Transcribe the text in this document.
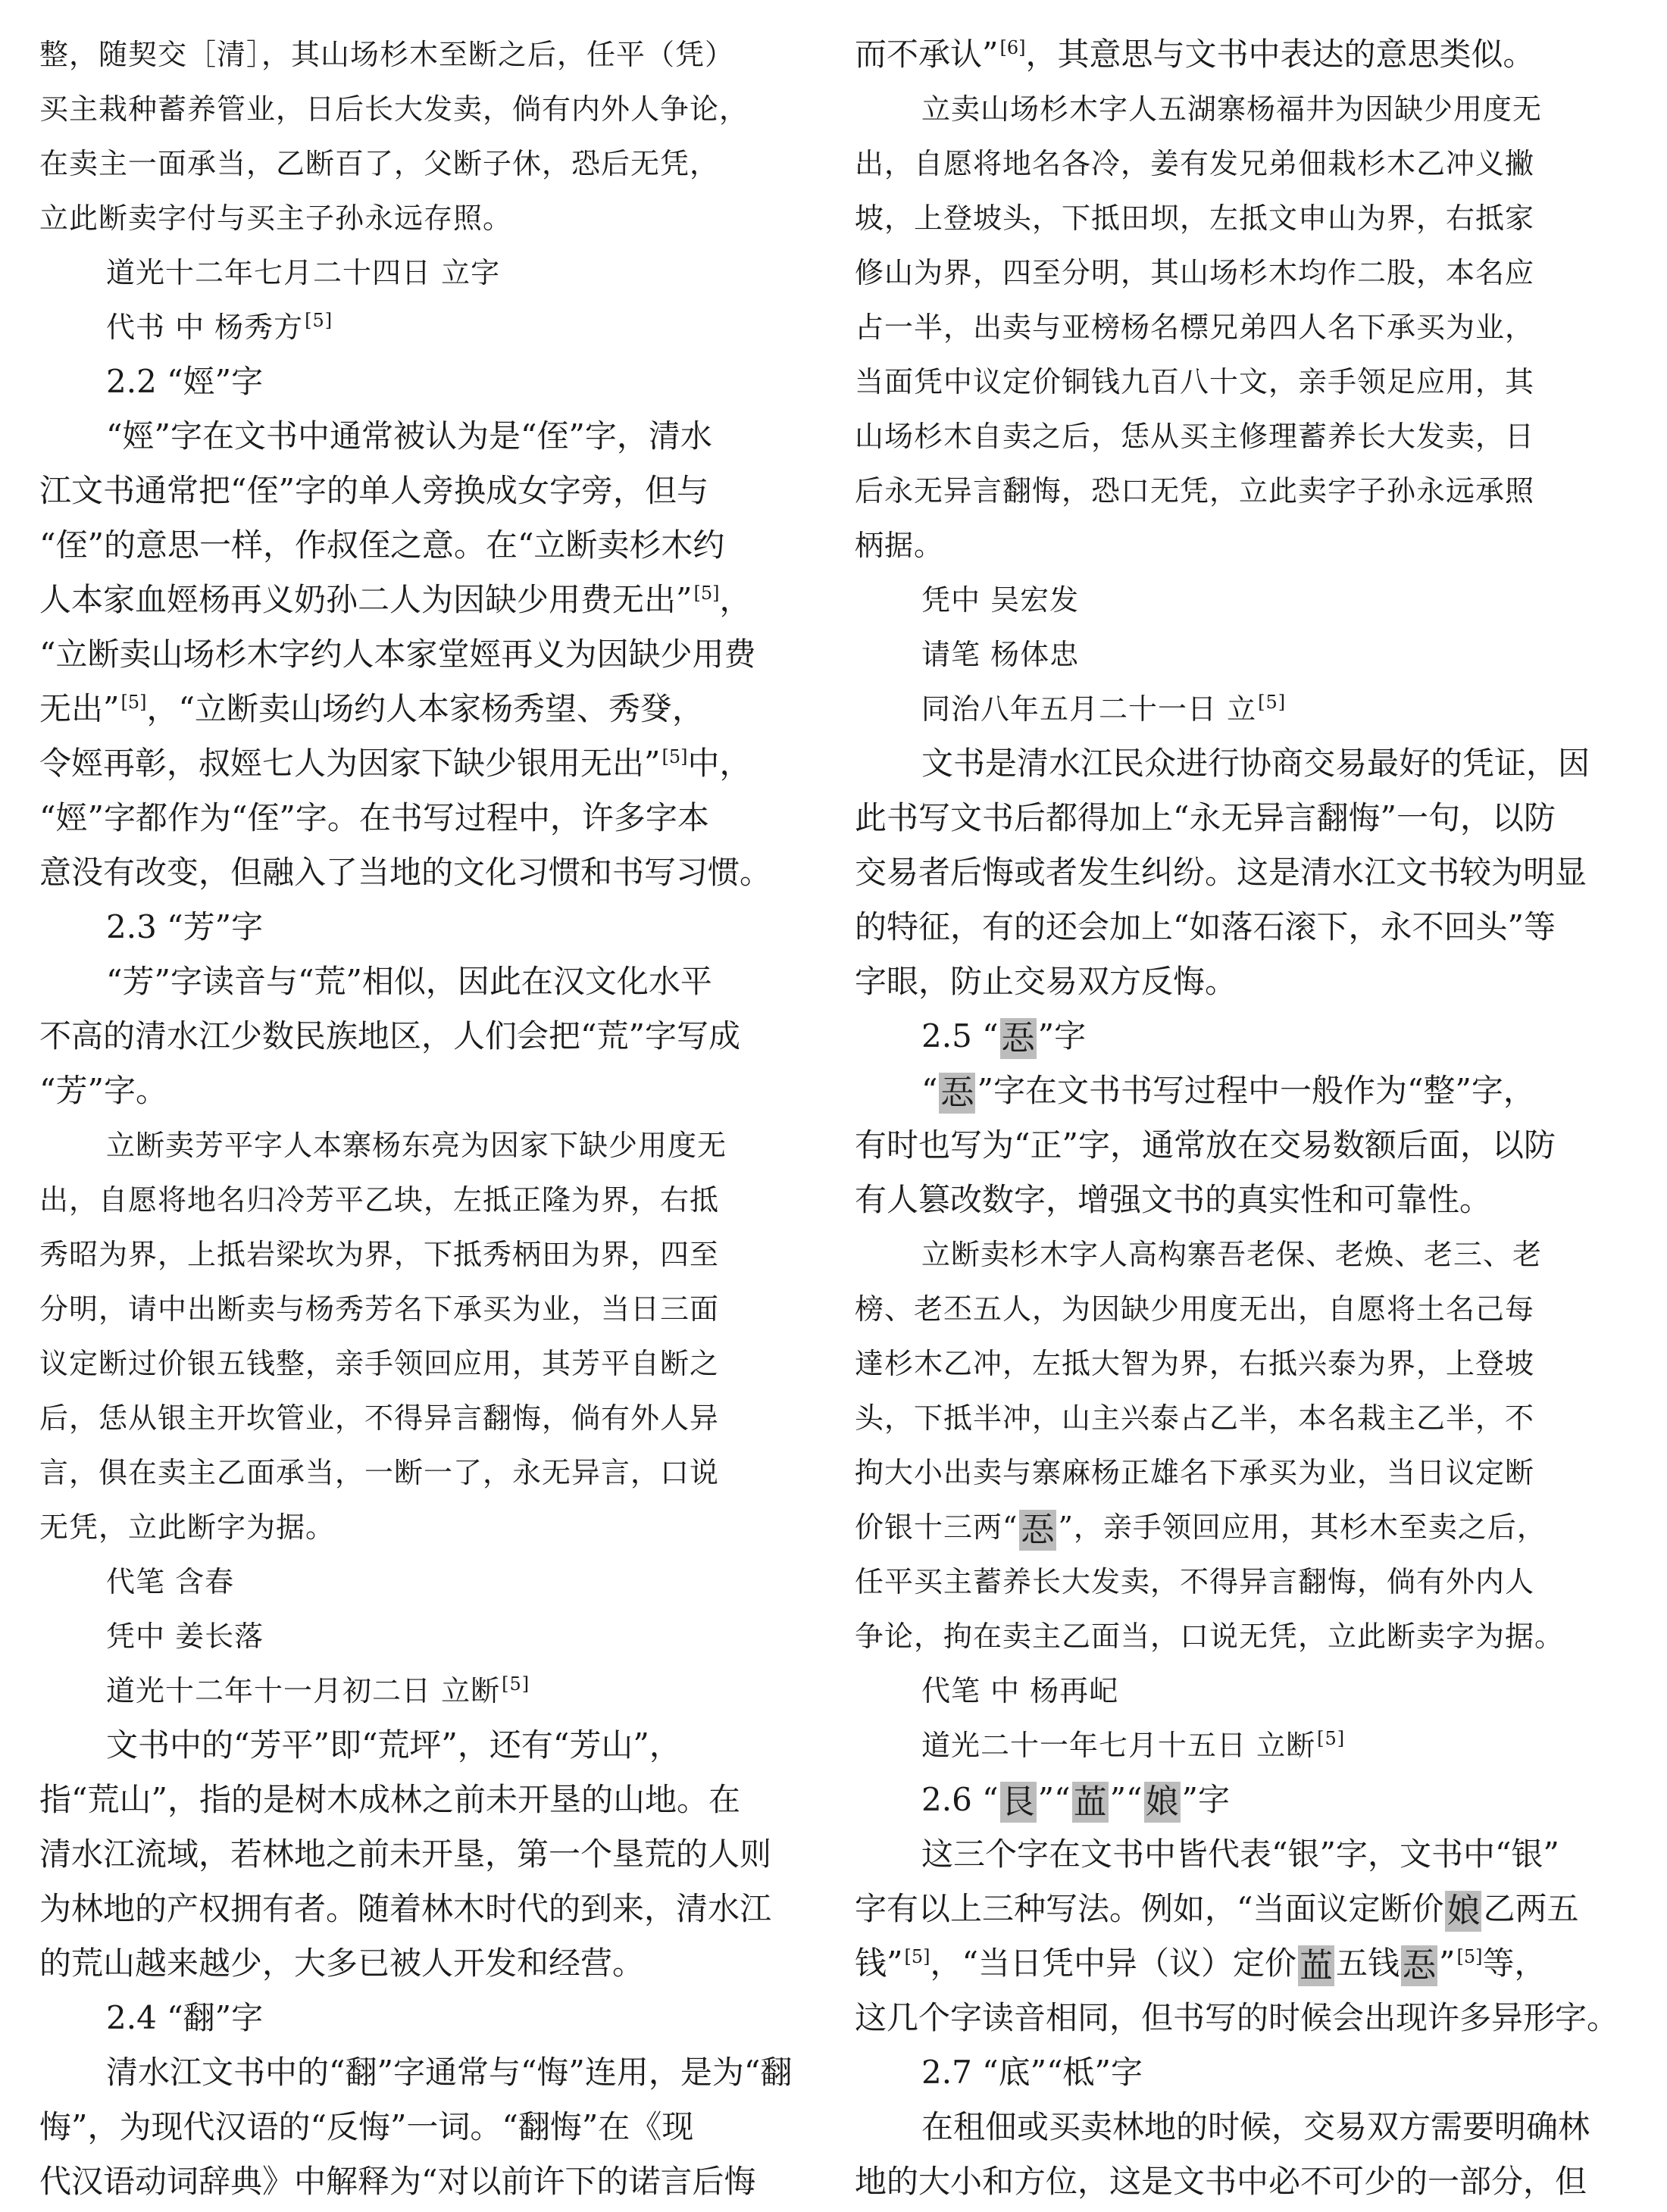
整，随契交［清］，其山场杉木至断之后，任平（凭）
买主栽种蓄养管业，日后长大发卖，倘有内外人争论，
在卖主一面承当，乙断百了，父断子休，恐后无凭，
立此断卖字付与买主子孙永远存照。
道光十二年七月二十四日 立字
代书 中 杨秀方[5]
2.2 “娙”字
“娙”字在文书中通常被认为是“侄”字，清水
江文书通常把“侄”字的单人旁换成女字旁，但与
“侄”的意思一样，作叔侄之意。在“立断卖杉木约
人本家血娙杨再义奶孙二人为因缺少用费无出”[5]，
“立断卖山场杉木字约人本家堂娙再义为因缺少用费
无出”[5]，“立断卖山场约人本家杨秀望、秀癹，
令娙再彰，叔娙七人为因家下缺少银用无出”[5]中，
“娙”字都作为“侄”字。在书写过程中，许多字本
意没有改变，但融入了当地的文化习惯和书写习惯。
2.3 “芳”字
“芳”字读音与“荒”相似，因此在汉文化水平
不高的清水江少数民族地区，人们会把“荒”字写成
“芳”字。
立断卖芳平字人本寨杨东亮为因家下缺少用度无
出，自愿将地名归冷芳平乙块，左抵正隆为界，右抵
秀昭为界，上抵岩梁坎为界，下抵秀柄田为界，四至
分明，请中出断卖与杨秀芳名下承买为业，当日三面
议定断过价银五钱整，亲手领回应用，其芳平自断之
后，恁从银主开坎管业，不得异言翻悔，倘有外人异
言，俱在卖主乙面承当，一断一了，永无异言，口说
无凭，立此断字为据。
代笔 含春
凭中 姜长落
道光十二年十一月初二日 立断[5]
文书中的“芳平”即“荒坪”，还有“芳山”，
指“荒山”，指的是树木成林之前未开垦的山地。在
清水江流域，若林地之前未开垦，第一个垦荒的人则
为林地的产权拥有者。随着林木时代的到来，清水江
的荒山越来越少，大多已被人开发和经营。
2.4 “翻”字
清水江文书中的“翻”字通常与“悔”连用，是为“翻
悔”，为现代汉语的“反悔”一词。“翻悔”在《现
代汉语动词辞典》中解释为“对以前许下的诺言后悔
而不承认”[6]，其意思与文书中表达的意思类似。
立卖山场杉木字人五湖寨杨福井为因缺少用度无
出，自愿将地名各冷，姜有发兄弟佃栽杉木乙冲义撇
坡，上登坡头，下抵田坝，左抵文申山为界，右抵家
修山为界，四至分明，其山场杉木均作二股，本名应
占一半，出卖与亚榜杨名標兄弟四人名下承买为业，
当面凭中议定价铜钱九百八十文，亲手领足应用，其
山场杉木自卖之后，恁从买主修理蓄养长大发卖，日
后永无异言翻悔，恐口无凭，立此卖字子孙永远承照
柄据。
凭中 吴宏发
请笔 杨体忠
同治八年五月二十一日 立[5]
文书是清水江民众进行协商交易最好的凭证，因
此书写文书后都得加上“永无异言翻悔”一句，以防
交易者后悔或者发生纠纷。这是清水江文书较为明显
的特征，有的还会加上“如落石滚下，永不回头”等
字眼，防止交易双方反悔。
2.5 “忢”字
“忢”字在文书书写过程中一般作为“整”字，
有时也写为“正”字，通常放在交易数额后面，以防
有人篡改数字，增强文书的真实性和可靠性。
立断卖杉木字人高构寨吾老保、老焕、老三、老
榜、老丕五人，为因缺少用度无出，自愿将土名己每
達杉木乙冲，左抵大智为界，右抵兴泰为界，上登坡
头，下抵半冲，山主兴泰占乙半，本名栽主乙半，不
拘大小出卖与寨麻杨正雄名下承买为业，当日议定断
价银十三两“忢 ”，亲手领回应用，其杉木至卖之后，
任平买主蓄养长大发卖，不得异言翻悔，倘有外内人
争论，拘在卖主乙面当，口说无凭，立此断卖字为据。
代笔 中 杨再屺
道光二十一年七月十五日 立断[5]
2.6 “艮”“䒸”“娘”字
这三个字在文书中皆代表“银”字，文书中“银”
字有以上三种写法。例如，“当面议定断价娘乙两五
钱”[5]，“当日凭中异（议）定价䒸五钱忢”[5]等，
这几个字读音相同，但书写的时候会出现许多异形字。
2.7 “底”“柢”字
在租佃或买卖林地的时候，交易双方需要明确林
地的大小和方位，这是文书中必不可少的一部分，但
